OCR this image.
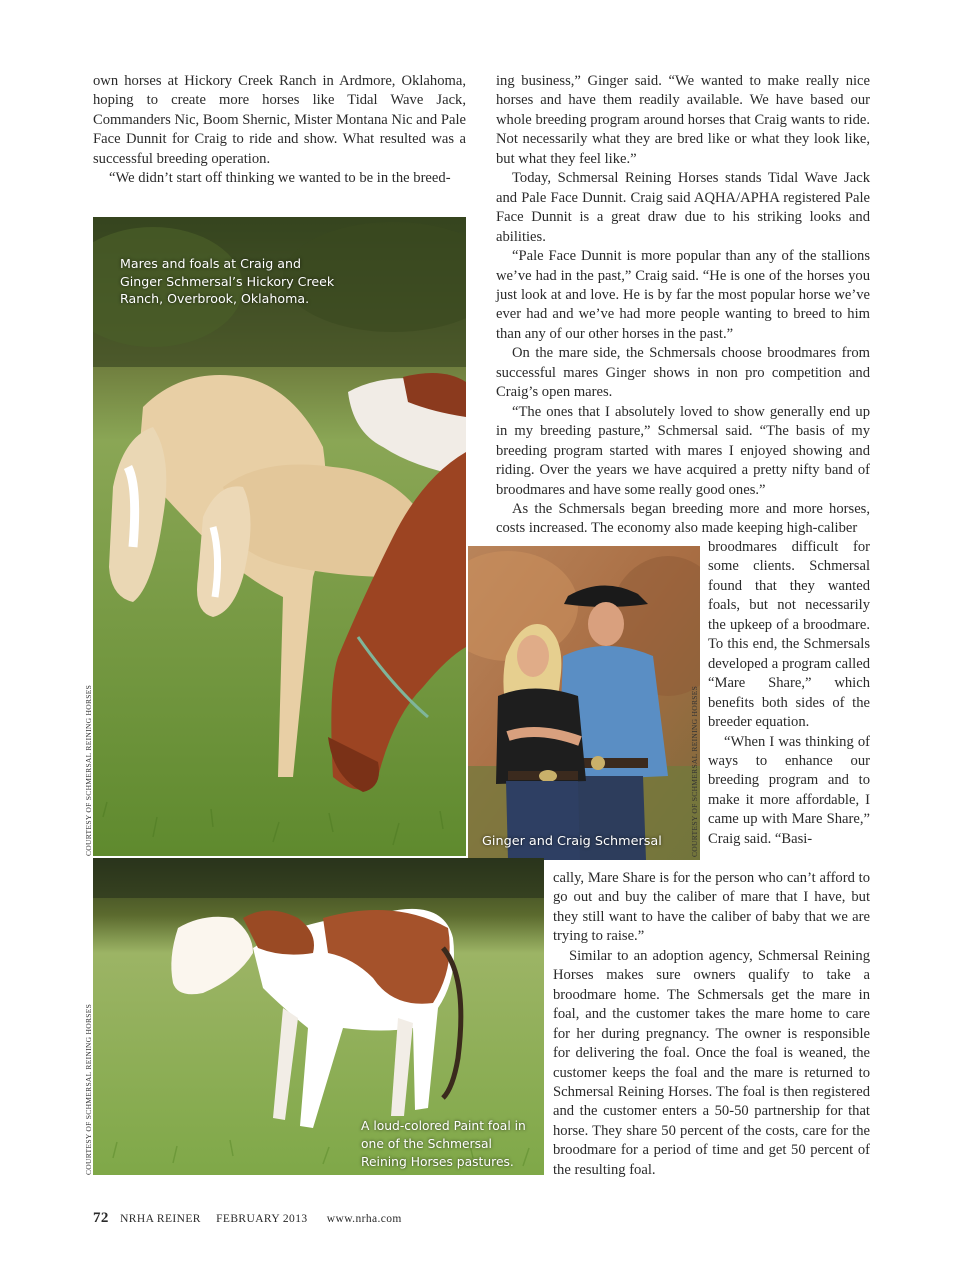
own horses at Hickory Creek Ranch in Ardmore, Oklahoma, hoping to create more horses like Tidal Wave Jack, Commanders Nic, Boom Shernic, Mister Montana Nic and Pale Face Dunnit for Craig to ride and show. What resulted was a successful breeding operation.

“We didn’t start off thinking we wanted to be in the breed-

ing business,” Ginger said. “We wanted to make really nice horses and have them readily available. We have based our whole breeding program around horses that Craig wants to ride. Not necessarily what they are bred like or what they look like, but what they feel like.”

Today, Schmersal Reining Horses stands Tidal Wave Jack and Pale Face Dunnit. Craig said AQHA/APHA registered Pale Face Dunnit is a great draw due to his striking looks and abilities.

“Pale Face Dunnit is more popular than any of the stallions we’ve had in the past,” Craig said. “He is one of the horses you just look at and love. He is by far the most popular horse we’ve ever had and we’ve had more people wanting to breed to him than any of our other horses in the past.”

On the mare side, the Schmersals choose broodmares from successful mares Ginger shows in non pro competition and Craig’s open mares.

“The ones that I absolutely loved to show generally end up in my breeding pasture,” Schmersal said. “The basis of my breeding program started with mares I enjoyed showing and riding. Over the years we have acquired a pretty nifty band of broodmares and have some really good ones.”

As the Schmersals began breeding more and more horses, costs increased. The economy also made keeping high-caliber

broodmares difficult for some clients. Schmersal found that they wanted foals, but not necessarily the upkeep of a broodmare. To this end, the Schmersals developed a program called “Mare Share,” which benefits both sides of the breeder equation.

“When I was thinking of ways to enhance our breeding program and to make it more affordable, I came up with Mare Share,” Craig said. “Basi-

cally, Mare Share is for the person who can’t afford to go out and buy the caliber of mare that I have, but they still want to have the caliber of baby that we are trying to raise.”

Similar to an adoption agency, Schmersal Reining Horses makes sure owners qualify to take a broodmare home. The Schmersals get the mare in foal, and the customer takes the mare home to care for her during pregnancy. The owner is responsible for delivering the foal. Once the foal is weaned, the customer keeps the foal and the mare is returned to Schmersal Reining Horses. The foal is then registered and the customer enters a 50-50 partnership for that horse. They share 50 percent of the costs, care for the broodmare for a period of time and get 50 percent of the resulting foal.

Mares and foals at Craig and Ginger Schmersal’s Hickory Creek Ranch, Overbrook, Oklahoma.
COURTESY OF SCHMERSAL REINING HORSES	Ginger and Craig Schmersal	COURTESY OF SCHMERSAL REINING HORSES
A loud-colored Paint foal in one of the Schmersal Reining Horses pastures.
COURTESY OF SCHMERSAL REINING HORSES
72 NRHA REINER FEBRUARY 2013 www.nrha.com
